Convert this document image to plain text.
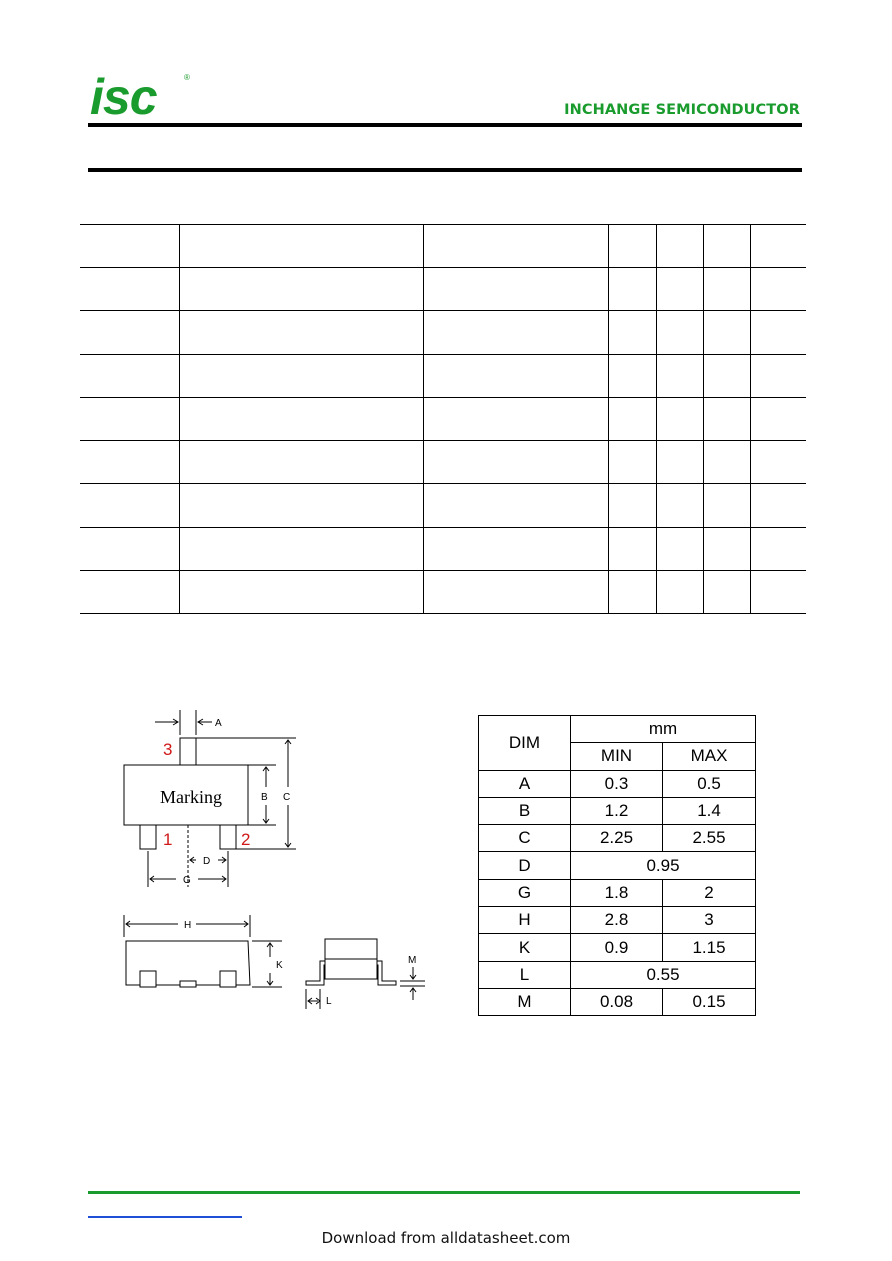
isc	®
INCHANGE SEMICONDUCTOR

Marking
3
1	2
A
B C
D
G
H
K
L
M
DIM	mm	
	MIN	MAX
A	0.3	0.5
B	1.2	1.4
C	2.25	2.55
D	0.95	
G	1.8	2
H	2.8	3
K	0.9	1.15
L	0.55	
M	0.08	0.15
Download from alldatasheet.com
